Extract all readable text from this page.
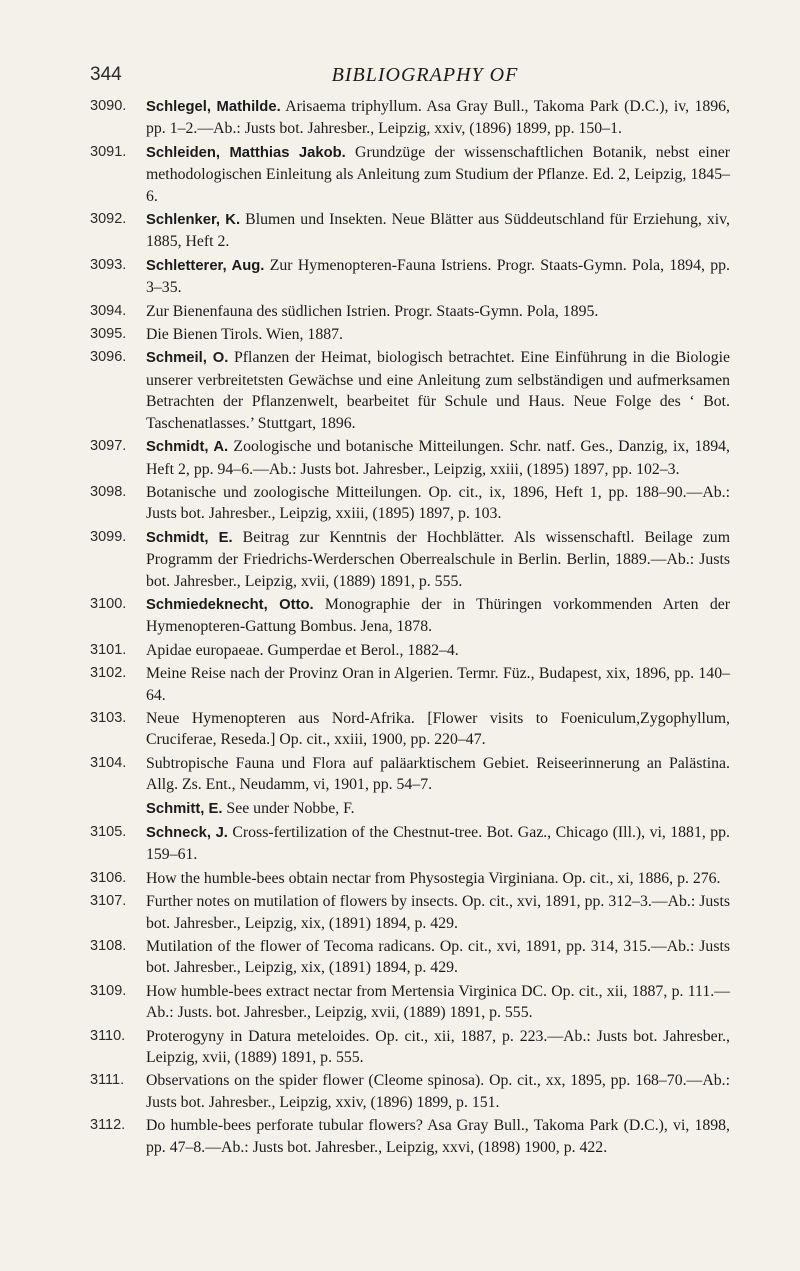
344	BIBLIOGRAPHY OF
3090. Schlegel, Mathilde. Arisaema triphyllum. Asa Gray Bull., Takoma Park (D.C.), iv, 1896, pp. 1–2.—Ab.: Justs bot. Jahresber., Leipzig, xxiv, (1896) 1899, pp. 150–1.
3091. Schleiden, Matthias Jakob. Grundzüge der wissenschaftlichen Botanik, nebst einer methodologischen Einleitung als Anleitung zum Studium der Pflanze. Ed. 2, Leipzig, 1845–6.
3092. Schlenker, K. Blumen und Insekten. Neue Blätter aus Süddeutschland für Erziehung, xiv, 1885, Heft 2.
3093. Schletterer, Aug. Zur Hymenopteren-Fauna Istriens. Progr. Staats-Gymn. Pola, 1894, pp. 3–35.
3094. Zur Bienenfauna des südlichen Istrien. Progr. Staats-Gymn. Pola, 1895.
3095. Die Bienen Tirols. Wien, 1887.
3096. Schmeil, O. Pflanzen der Heimat, biologisch betrachtet. Eine Einführung in die Biologie unserer verbreitetsten Gewächse und eine Anleitung zum selbständigen und aufmerksamen Betrachten der Pflanzenwelt, bearbeitet für Schule und Haus. Neue Folge des ‘ Bot. Taschenatlasses.’ Stuttgart, 1896.
3097. Schmidt, A. Zoologische und botanische Mitteilungen. Schr. natf. Ges., Danzig, ix, 1894, Heft 2, pp. 94–6.—Ab.: Justs bot. Jahresber., Leipzig, xxiii, (1895) 1897, pp. 102–3.
3098. Botanische und zoologische Mitteilungen. Op. cit., ix, 1896, Heft 1, pp. 188–90.—Ab.: Justs bot. Jahresber., Leipzig, xxiii, (1895) 1897, p. 103.
3099. Schmidt, E. Beitrag zur Kenntnis der Hochblätter. Als wissenschaftl. Beilage zum Programm der Friedrichs-Werderschen Oberrealschule in Berlin. Berlin, 1889.—Ab.: Justs bot. Jahresber., Leipzig, xvii, (1889) 1891, p. 555.
3100. Schmiedeknecht, Otto. Monographie der in Thüringen vorkommenden Arten der Hymenopteren-Gattung Bombus. Jena, 1878.
3101. Apidae europaeae. Gumperdae et Berol., 1882–4.
3102. Meine Reise nach der Provinz Oran in Algerien. Termr. Füz., Budapest, xix, 1896, pp. 140–64.
3103. Neue Hymenopteren aus Nord-Afrika. [Flower visits to Foeniculum,Zygophyllum, Cruciferae, Reseda.] Op. cit., xxiii, 1900, pp. 220–47.
3104. Subtropische Fauna und Flora auf paläarktischem Gebiet. Reiseerinnerung an Palästina. Allg. Zs. Ent., Neudamm, vi, 1901, pp. 54–7.
Schmitt, E. See under Nobbe, F.
3105. Schneck, J. Cross-fertilization of the Chestnut-tree. Bot. Gaz., Chicago (Ill.), vi, 1881, pp. 159–61.
3106. How the humble-bees obtain nectar from Physostegia Virginiana. Op. cit., xi, 1886, p. 276.
3107. Further notes on mutilation of flowers by insects. Op. cit., xvi, 1891, pp. 312–3.—Ab.: Justs bot. Jahresber., Leipzig, xix, (1891) 1894, p. 429.
3108. Mutilation of the flower of Tecoma radicans. Op. cit., xvi, 1891, pp. 314, 315.—Ab.: Justs bot. Jahresber., Leipzig, xix, (1891) 1894, p. 429.
3109. How humble-bees extract nectar from Mertensia Virginica DC. Op. cit., xii, 1887, p. 111.—Ab.: Justs. bot. Jahresber., Leipzig, xvii, (1889) 1891, p. 555.
3110. Proterogyny in Datura meteloides. Op. cit., xii, 1887, p. 223.—Ab.: Justs bot. Jahresber., Leipzig, xvii, (1889) 1891, p. 555.
3111. Observations on the spider flower (Cleome spinosa). Op. cit., xx, 1895, pp. 168–70.—Ab.: Justs bot. Jahresber., Leipzig, xxiv, (1896) 1899, p. 151.
3112. Do humble-bees perforate tubular flowers? Asa Gray Bull., Takoma Park (D.C.), vi, 1898, pp. 47–8.—Ab.: Justs bot. Jahresber., Leipzig, xxvi, (1898) 1900, p. 422.
